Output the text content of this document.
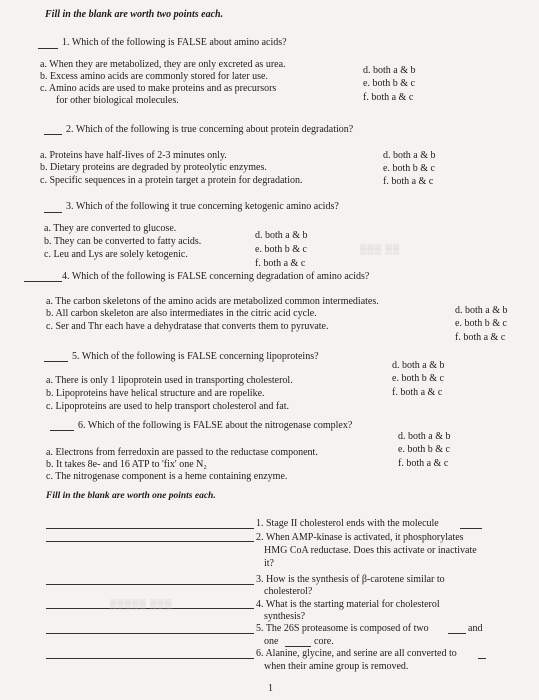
Fill in the blank are worth two points each.
1. Which of the following is FALSE about amino acids?
a. When they are metabolized, they are only excreted as urea.
b. Excess amino acids are commonly stored for later use.
c. Amino acids are used to make proteins and as precursors
for other biological molecules.
d. both a & b
e. both b & c
f. both a & c
2. Which of the following is true concerning about protein degradation?
a. Proteins have half-lives of 2-3 minutes only.
b. Dietary proteins are degraded by proteolytic enzymes.
c. Specific sequences in a protein target a protein for degradation.
d. both a & b
e. both b & c
f. both a & c
3. Which of the following it true concerning ketogenic amino acids?
a. They are converted to glucose.
b. They can be converted to fatty acids.
c. Leu and Lys are solely ketogenic.
d. both a & b
e. both b & c
f. both a & c
▒▒▒ ▒▒
4. Which of the following is FALSE concerning degradation of amino acids?
a. The carbon skeletons of the amino acids are metabolized common intermediates.
b. All carbon skeleton are also intermediates in the citric acid cycle.
c. Ser and Thr each have a dehydratase that converts them to pyruvate.
d. both a & b
e. both b & c
f. both a & c
5. Which of the following is FALSE concerning lipoproteins?
a. There is only 1 lipoprotein used in transporting cholesterol.
b. Lipoproteins have helical structure and are ropelike.
c. Lipoproteins are used to help transport cholesterol and fat.
d. both a & b
e. both b & c
f. both a & c
6. Which of the following is FALSE about the nitrogenase complex?
a. Electrons from ferredoxin are passed to the reductase component.
b. It takes 8e- and 16 ATP to 'fix' one N₂
c. The nitrogenase component is a heme containing enzyme.
d. both a & b
e. both b & c
f. both a & c
Fill in the blank are worth one points each.
1. Stage II cholesterol ends with the molecule
2. When AMP-kinase is activated, it phosphorylates
HMG CoA reductase. Does this activate or inactivate
it?
3. How is the synthesis of β-carotene similar to
cholesterol?
▒▒▒▒▒ ▒▒▒	4. What is the starting material for cholesterol
synthesis?
5. The 26S proteasome is composed of two	and
one	core.
6. Alanine, glycine, and serine are all converted to
when their amine group is removed.
1
